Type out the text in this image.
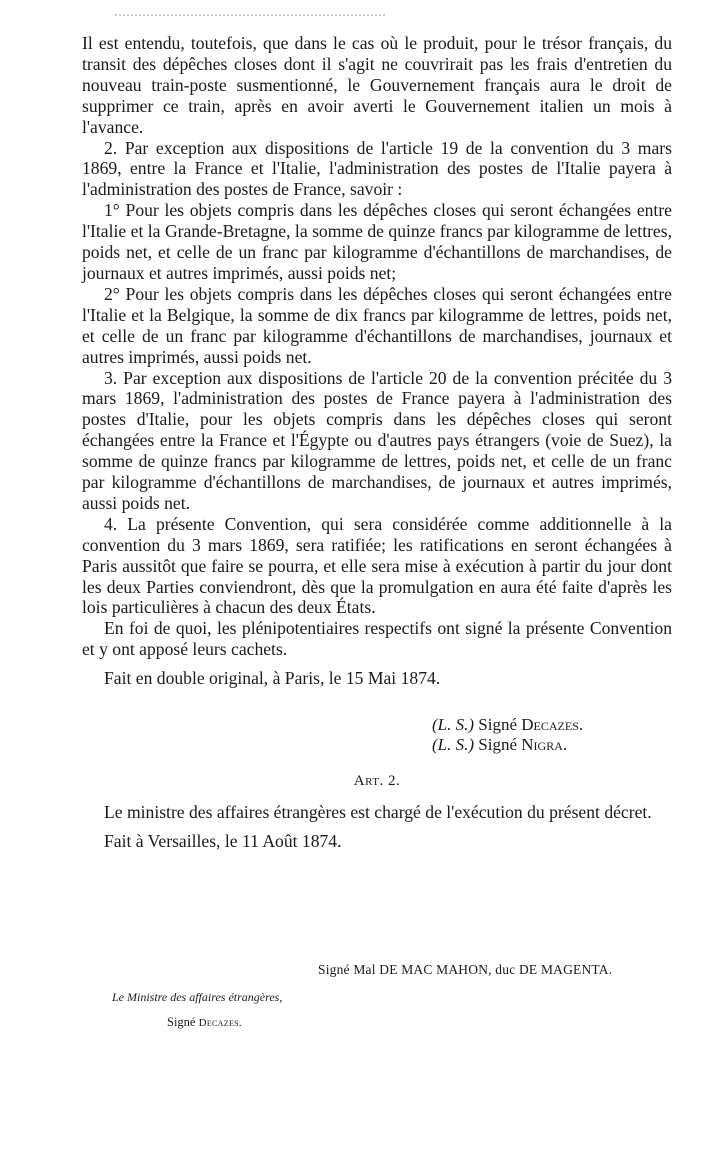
Il est entendu, toutefois, que dans le cas où le produit, pour le trésor français, du transit des dépêches closes dont il s'agit ne couvrirait pas les frais d'entretien du nouveau train-poste susmentionné, le Gouvernement français aura le droit de supprimer ce train, après en avoir averti le Gouvernement italien un mois à l'avance.

2. Par exception aux dispositions de l'article 19 de la convention du 3 mars 1869, entre la France et l'Italie, l'administration des postes de l'Italie payera à l'administration des postes de France, savoir :

1° Pour les objets compris dans les dépêches closes qui seront échangées entre l'Italie et la Grande-Bretagne, la somme de quinze francs par kilogramme de lettres, poids net, et celle de un franc par kilogramme d'échantillons de marchandises, de journaux et autres imprimés, aussi poids net;

2° Pour les objets compris dans les dépêches closes qui seront échangées entre l'Italie et la Belgique, la somme de dix francs par kilogramme de lettres, poids net, et celle de un franc par kilogramme d'échantillons de marchandises, journaux et autres imprimés, aussi poids net.

3. Par exception aux dispositions de l'article 20 de la convention précitée du 3 mars 1869, l'administration des postes de France payera à l'administration des postes d'Italie, pour les objets compris dans les dépêches closes qui seront échangées entre la France et l'Égypte ou d'autres pays étrangers (voie de Suez), la somme de quinze francs par kilogramme de lettres, poids net, et celle de un franc par kilogramme d'échantillons de marchandises, de journaux et autres imprimés, aussi poids net.

4. La présente Convention, qui sera considérée comme additionnelle à la convention du 3 mars 1869, sera ratifiée; les ratifications en seront échangées à Paris aussitôt que faire se pourra, et elle sera mise à exécution à partir du jour dont les deux Parties conviendront, dès que la promulgation en aura été faite d'après les lois particulières à chacun des deux États.

En foi de quoi, les plénipotentiaires respectifs ont signé la présente Convention et y ont apposé leurs cachets.

Fait en double original, à Paris, le 15 Mai 1874.

(L. S.) Signé Decazes.
(L. S.) Signé Nigra.
Art. 2.

Le ministre des affaires étrangères est chargé de l'exécution du présent décret.

Fait à Versailles, le 11 Août 1874.

Signé Mal DE MAC MAHON, duc DE MAGENTA.
Le Ministre des affaires étrangères,
Signé Decazes.
